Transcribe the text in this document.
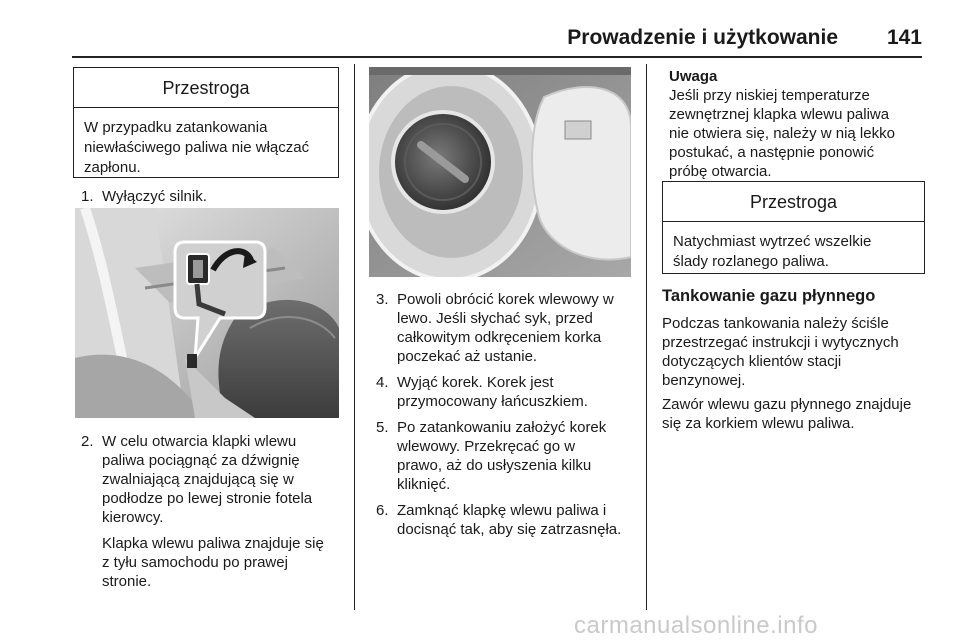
Prowadzenie i użytkowanie 141
Przestroga
W przypadku zatankowania
niewłaściwego paliwa nie włączać
zapłonu.
1. Wyłączyć silnik.
2. W celu otwarcia klapki wlewu
paliwa pociągnąć za dźwignię
zwalniającą znajdującą się w
podłodze po lewej stronie fotela
kierowcy.
Klapka wlewu paliwa znajduje się
z tyłu samochodu po prawej
stronie.
3. Powoli obrócić korek wlewowy w
lewo. Jeśli słychać syk, przed
całkowitym odkręceniem korka
poczekać aż ustanie.
4. Wyjąć korek. Korek jest
przymocowany łańcuszkiem.
5. Po zatankowaniu założyć korek
wlewowy. Przekręcać go w
prawo, aż do usłyszenia kilku
kliknięć.
6. Zamknąć klapkę wlewu paliwa i
docisnąć tak, aby się zatrzasnęła.
Uwaga
Jeśli przy niskiej temperaturze
zewnętrznej klapka wlewu paliwa
nie otwiera się, należy w nią lekko
postukać, a następnie ponowić
próbę otwarcia.
Przestroga
Natychmiast wytrzeć wszelkie
ślady rozlanego paliwa.
Tankowanie gazu płynnego
Podczas tankowania należy ściśle
przestrzegać instrukcji i wytycznych
dotyczących klientów stacji
benzynowej.
Zawór wlewu gazu płynnego znajduje
się za korkiem wlewu paliwa.
carmanualsonline.info
